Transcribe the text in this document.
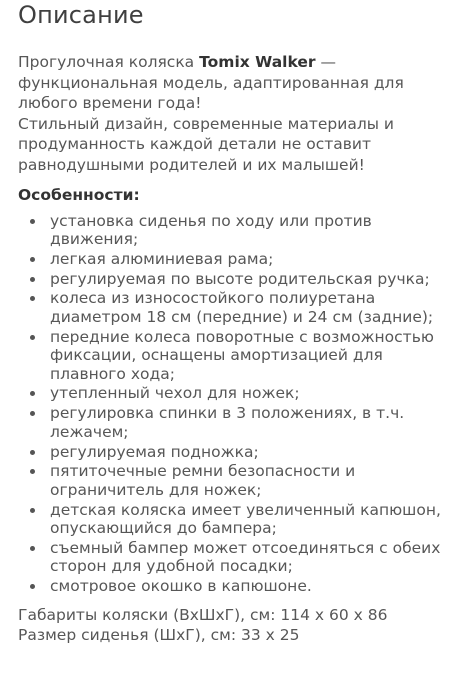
Описание

Прогулочная коляска Tomix Walker — функциональная модель, адаптированная для любого времени года!
Стильный дизайн, современные материалы и продуманность каждой детали не оставит равнодушными родителей и их малышей!

Особенности:

установка сиденья по ходу или против движения;
легкая алюминиевая рама;
регулируемая по высоте родительская ручка;
колеса из износостойкого полиуретана диаметром 18 см (передние) и 24 см (задние);
передние колеса поворотные с возможностью фиксации, оснащены амортизацией для плавного хода;
утепленный чехол для ножек;
регулировка спинки в 3 положениях, в т.ч. лежачем;
регулируемая подножка;
пятиточечные ремни безопасности и ограничитель для ножек;
детская коляска имеет увеличенный капюшон, опускающийся до бампера;
съемный бампер может отсоединяться с обеих сторон для удобной посадки;
смотровое окошко в капюшоне.

Габариты коляски (ВхШхГ), см: 114 х 60 х 86
Размер сиденья (ШхГ), см: 33 х 25
